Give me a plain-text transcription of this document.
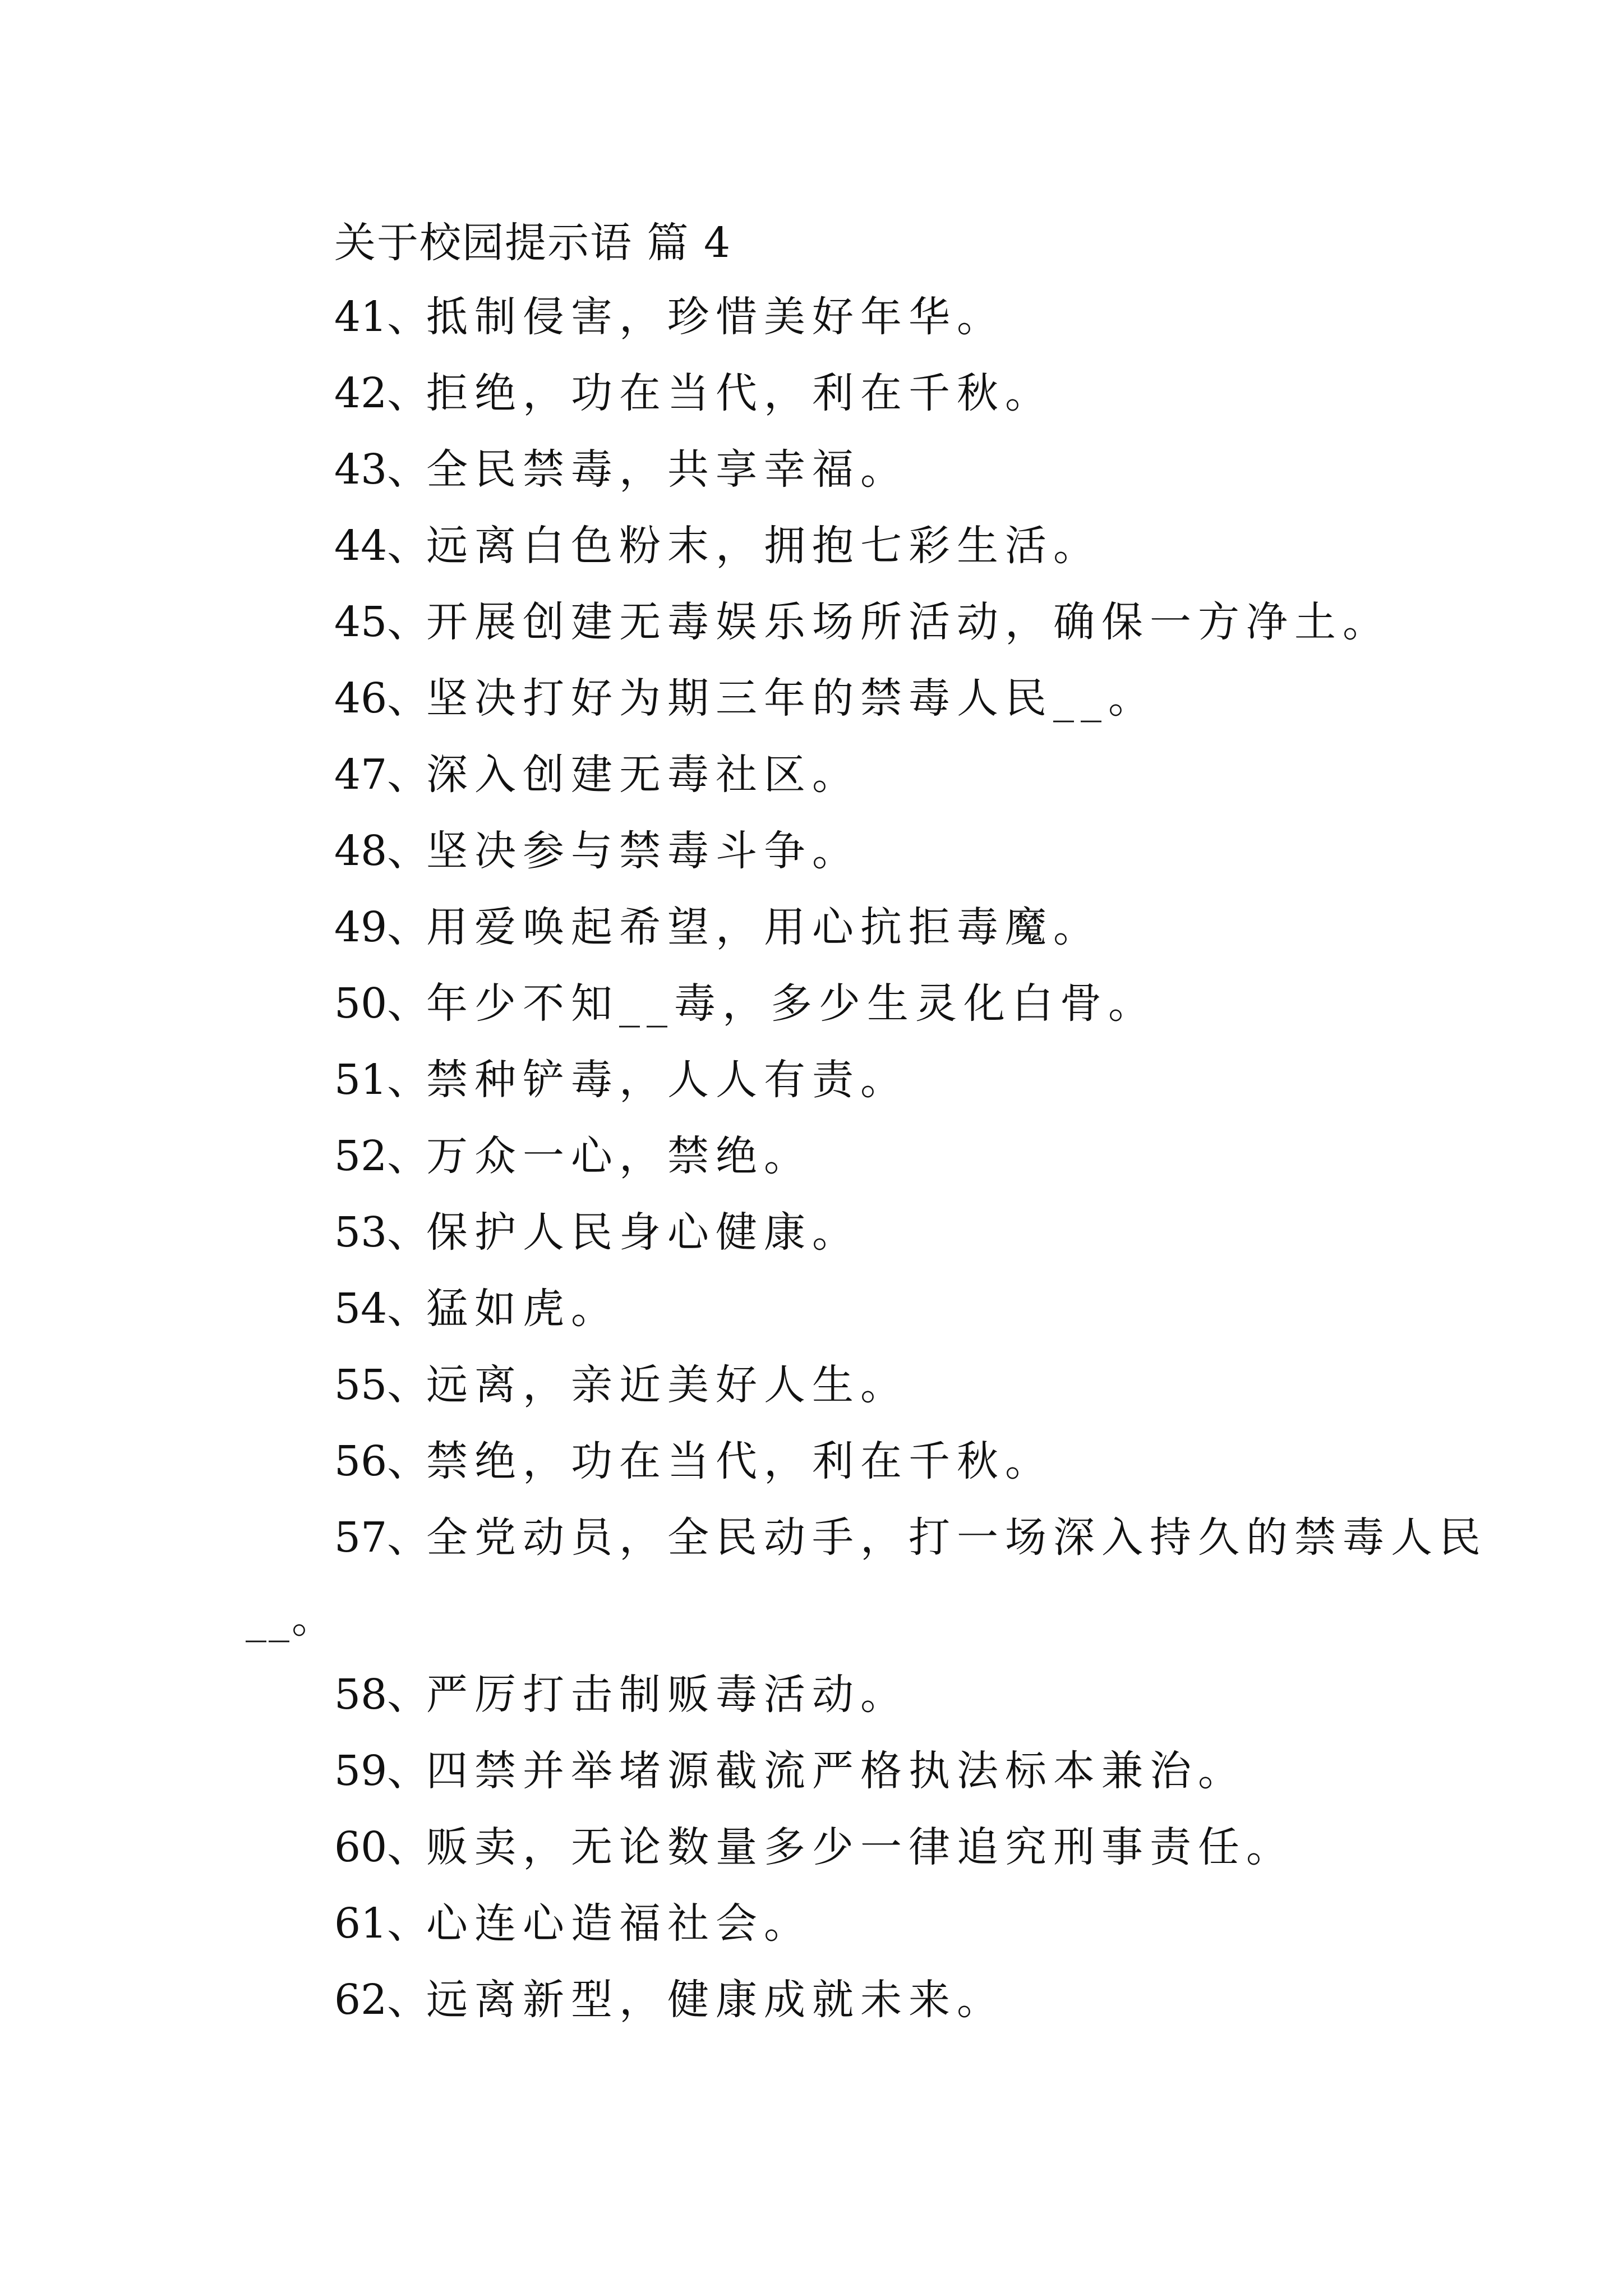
关于校园提示语 篇 4
41、
抵制侵害，珍惜美好年华。
42、
拒绝，功在当代，利在千秋。
43、
全民禁毒，共享幸福。
44、
远离白色粉末，拥抱七彩生活。
45、
开展创建无毒娱乐场所活动，确保一方净土。
46、
坚决打好为期三年的禁毒人民__。
47、
深入创建无毒社区。
48、
坚决参与禁毒斗争。
49、
用爱唤起希望，用心抗拒毒魔。
50、
年少不知__毒，多少生灵化白骨。
51、
禁种铲毒，人人有责。
52、
万众一心，禁绝。
53、
保护人民身心健康。
54、
猛如虎。
55、
远离，亲近美好人生。
56、
禁绝，功在当代，利在千秋。
57、
全党动员，全民动手，打一场深入持久的禁毒人民
__。
58、
严厉打击制贩毒活动。
59、
四禁并举堵源截流严格执法标本兼治。
60、
贩卖，无论数量多少一律追究刑事责任。
61、
心连心造福社会。
62、
远离新型，健康成就未来。
